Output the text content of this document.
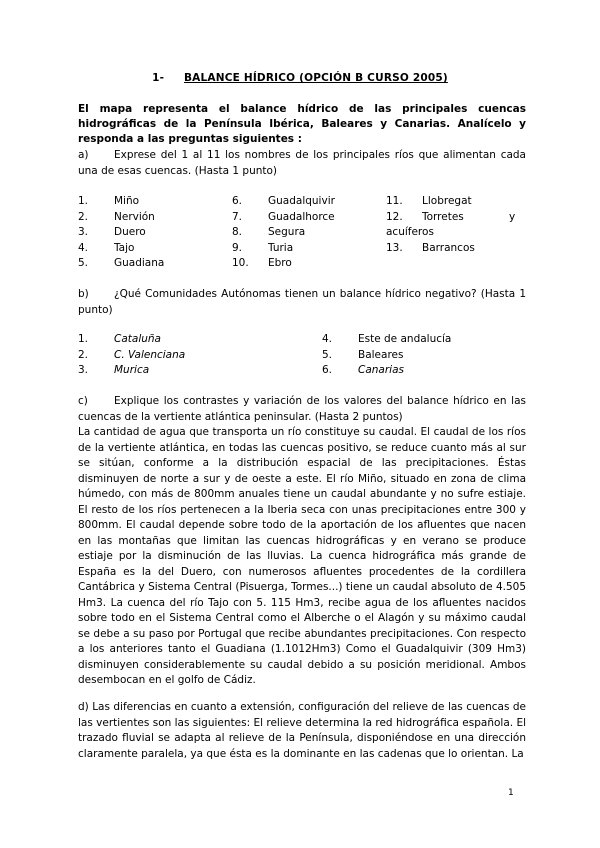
1- BALANCE HÍDRICO (OPCIÓN B CURSO 2005)
El mapa representa el balance hídrico de las principales cuencas hidrográficas de la Península Ibérica, Baleares y Canarias. Analícelo y responda a las preguntas siguientes :
a) Exprese del 1 al 11 los nombres de los principales ríos que alimentan cada una de esas cuencas. (Hasta 1 punto)
1. Miño
2. Nervión
3. Duero
4. Tajo
5. Guadiana
6. Guadalquivir
7. Guadalhorce
8. Segura
9. Turia
10. Ebro
11. Llobregat
12. Torretes	y
acuíferos
13. Barrancos
b) ¿Qué Comunidades Autónomas tienen un balance hídrico negativo? (Hasta 1 punto)
1. Cataluña
2. C. Valenciana
3. Murica
4. Este de andalucía
5. Baleares
6. Canarias
c) Explique los contrastes y variación de los valores del balance hídrico en las cuencas de la vertiente atlántica peninsular. (Hasta 2 puntos)
La cantidad de agua que transporta un río constituye su caudal. El caudal de los ríos de la vertiente atlántica, en todas las cuencas positivo, se reduce cuanto más al sur se sitúan, conforme a la distribución espacial de las precipitaciones. Éstas disminuyen de norte a sur y de oeste a este. El río Miño, situado en zona de clima húmedo, con más de 800mm anuales tiene un caudal abundante y no sufre estiaje. El resto de los ríos pertenecen a la Iberia seca con unas precipitaciones entre 300 y 800mm. El caudal depende sobre todo de la aportación de los afluentes que nacen en las montañas que limitan las cuencas hidrográficas y en verano se produce estiaje por la disminución de las lluvias. La cuenca hidrográfica más grande de España es la del Duero, con numerosos afluentes procedentes de la cordillera Cantábrica y Sistema Central (Pisuerga, Tormes...) tiene un caudal absoluto de 4.505 Hm3. La cuenca del río Tajo con 5. 115 Hm3, recibe agua de los afluentes nacidos sobre todo en el Sistema Central como el Alberche o el Alagón y su máximo caudal se debe a su paso por Portugal que recibe abundantes precipitaciones. Con respecto a los anteriores tanto el Guadiana (1.1012Hm3) Como el Guadalquivir (309 Hm3) disminuyen considerablemente su caudal debido a su posición meridional. Ambos desembocan en el golfo de Cádiz.
d) Las diferencias en cuanto a extensión, configuración del relieve de las cuencas de las vertientes son las siguientes: El relieve determina la red hidrográfica española. El trazado fluvial se adapta al relieve de la Península, disponiéndose en una dirección claramente paralela, ya que ésta es la dominante en las cadenas que lo orientan. La
1
